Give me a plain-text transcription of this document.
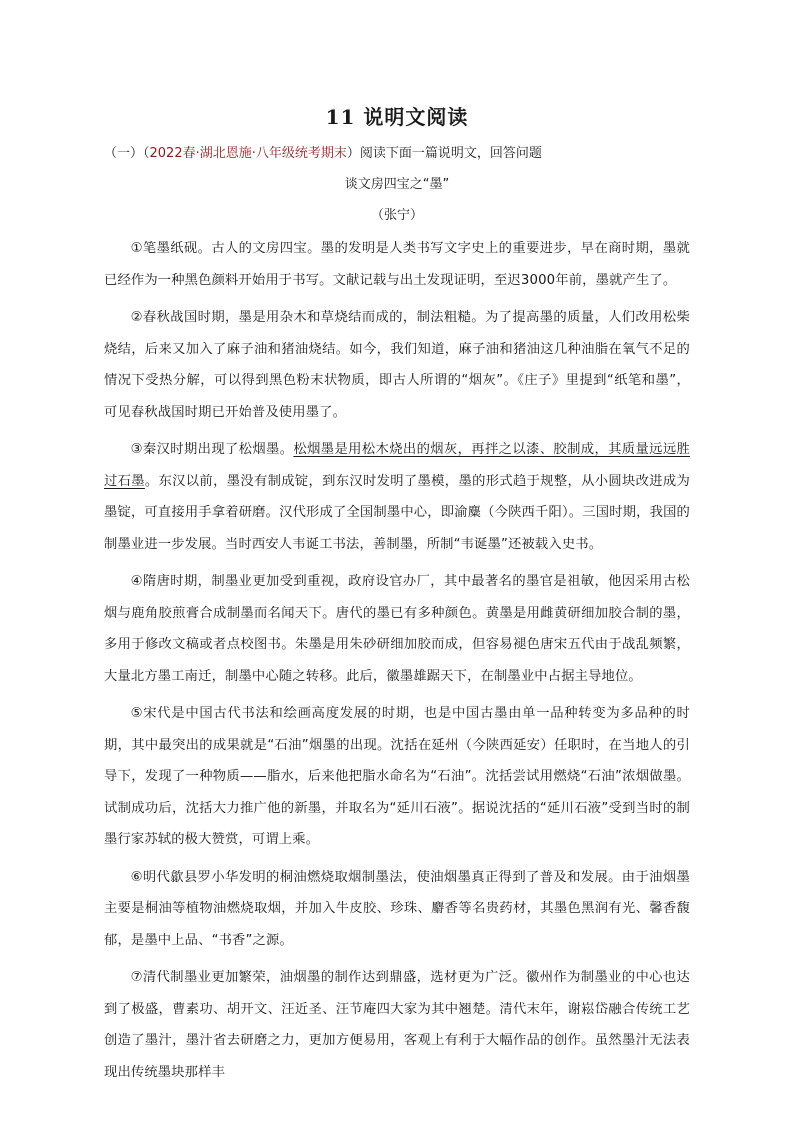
11 说明文阅读
（一）（2022春·湖北恩施·八年级统考期末）阅读下面一篇说明文，回答问题
谈文房四宝之“墨”
（张宁）

①笔墨纸砚。古人的文房四宝。墨的发明是人类书写文字史上的重要进步，早在商时期，墨就已经作为一种黑色颜料开始用于书写。文献记载与出土发现证明，至迟3000年前，墨就产生了。

②春秋战国时期，墨是用杂木和草烧结而成的，制法粗糙。为了提高墨的质量，人们改用松柴烧结，后来又加入了麻子油和猪油烧结。如今，我们知道，麻子油和猪油这几种油脂在氧气不足的情况下受热分解，可以得到黑色粉末状物质，即古人所谓的“烟灰”。《庄子》里提到“纸笔和墨”，可见春秋战国时期已开始普及使用墨了。

③秦汉时期出现了松烟墨。松烟墨是用松木烧出的烟灰，再拌之以漆、胶制成，其质量远远胜过石墨。东汉以前，墨没有制成锭，到东汉时发明了墨模，墨的形式趋于规整，从小圆块改进成为墨锭，可直接用手拿着研磨。汉代形成了全国制墨中心，即渝麋（今陕西千阳）。三国时期，我国的制墨业进一步发展。当时西安人韦诞工书法，善制墨，所制“韦诞墨”还被载入史书。

④隋唐时期，制墨业更加受到重视，政府设官办厂，其中最著名的墨官是祖敏，他因采用古松烟与鹿角胶煎膏合成制墨而名闻天下。唐代的墨已有多种颜色。黄墨是用雌黄研细加胶合制的墨，多用于修改文稿或者点校图书。朱墨是用朱砂研细加胶而成，但容易褪色唐宋五代由于战乱频繁，大量北方墨工南迁，制墨中心随之转移。此后，徽墨雄踞天下，在制墨业中占据主导地位。

⑤宋代是中国古代书法和绘画高度发展的时期，也是中国古墨由单一品种转变为多品种的时期，其中最突出的成果就是“石油”烟墨的出现。沈括在延州（今陕西延安）任职时，在当地人的引导下，发现了一种物质——脂水，后来他把脂水命名为“石油”。沈括尝试用燃烧“石油”浓烟做墨。试制成功后，沈括大力推广他的新墨，并取名为“延川石液”。据说沈括的“延川石液”受到当时的制墨行家苏轼的极大赞赏，可谓上乘。

⑥明代歙县罗小华发明的桐油燃烧取烟制墨法，使油烟墨真正得到了普及和发展。由于油烟墨主要是桐油等植物油燃烧取烟，并加入牛皮胶、珍珠、麝香等名贵药材，其墨色黑润有光、馨香馥郁，是墨中上品、“书香”之源。

⑦清代制墨业更加繁荣，油烟墨的制作达到鼎盛，选材更为广泛。徽州作为制墨业的中心也达到了极盛，曹素功、胡开文、汪近圣、汪节庵四大家为其中翘楚。清代末年，谢崧岱融合传统工艺创造了墨汁，墨汁省去研磨之力，更加方便易用，客观上有利于大幅作品的创作。虽然墨汁无法表现出传统墨块那样丰
